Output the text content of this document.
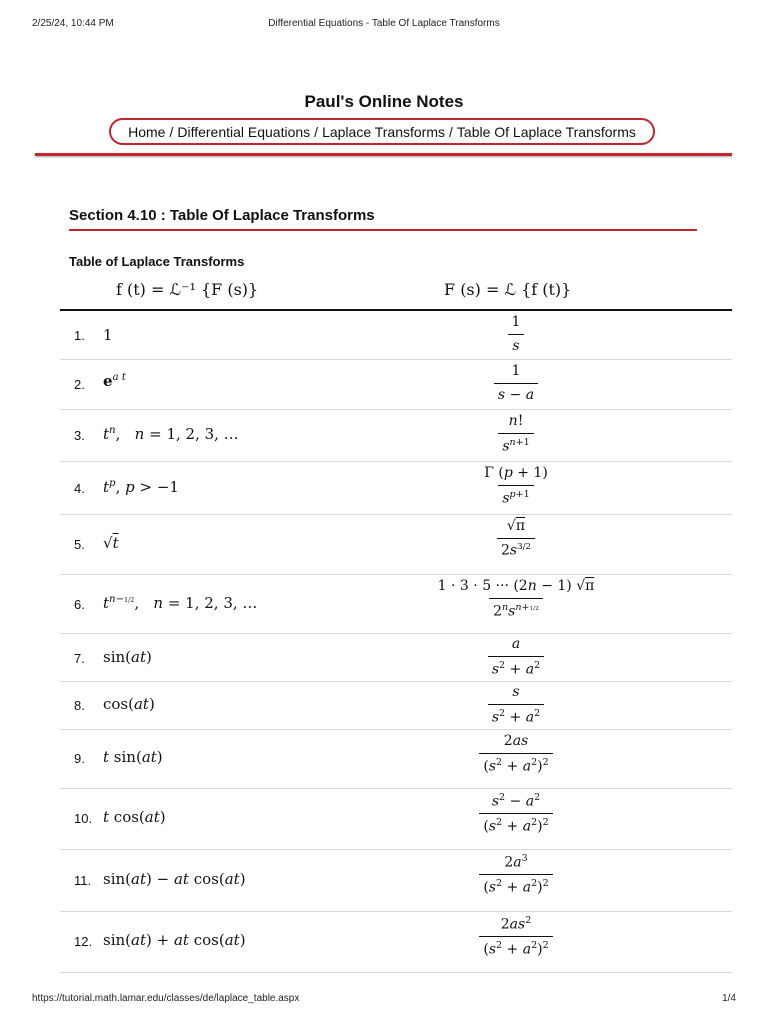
2/25/24, 10:44 PM	Differential Equations - Table Of Laplace Transforms
Paul's Online Notes
Home / Differential Equations / Laplace Transforms / Table Of Laplace Transforms
Section 4.10 : Table Of Laplace Transforms
Table of Laplace Transforms
f (t) = ℒ⁻¹ {F (s)}	F (s) = ℒ {f (t)}
1. 1	$\frac{1}{s}$
2. $e^{a t}$	$\frac{1}{s - a}$
3. $t^n$,   n = 1, 2, 3, …	$\frac{n!}{s^{n+1}}$
4. $t^p$, p > −1	$\frac{\Gamma (p + 1)}{s^{p+1}}$
5. √t	$\frac{√\pi}{2s^{3/2}}$
6. $t^{n-1/2}$,   n = 1, 2, 3, …	$\frac{1 \cdot 3 \cdot 5 \cdot\cdot\cdot (2n - 1) √\pi}{2^ns^{n+1/2}}$
7. sin(at)	$\frac{a}{s^2 + a^2}$
8. cos(at)	$\frac{s}{s^2 + a^2}$
9. t sin(at)	$\frac{2as}{(s^2 + a^2)^2}$
10. t cos(at)	$\frac{s^2 - a^2}{(s^2 + a^2)^2}$
11. sin(at) − at cos(at)	$\frac{2a^3}{(s^2 + a^2)^2}$
12. sin(at) + at cos(at)	$\frac{2as^2}{(s^2 + a^2)^2}$
https://tutorial.math.lamar.edu/classes/de/laplace_table.aspx	1/4
